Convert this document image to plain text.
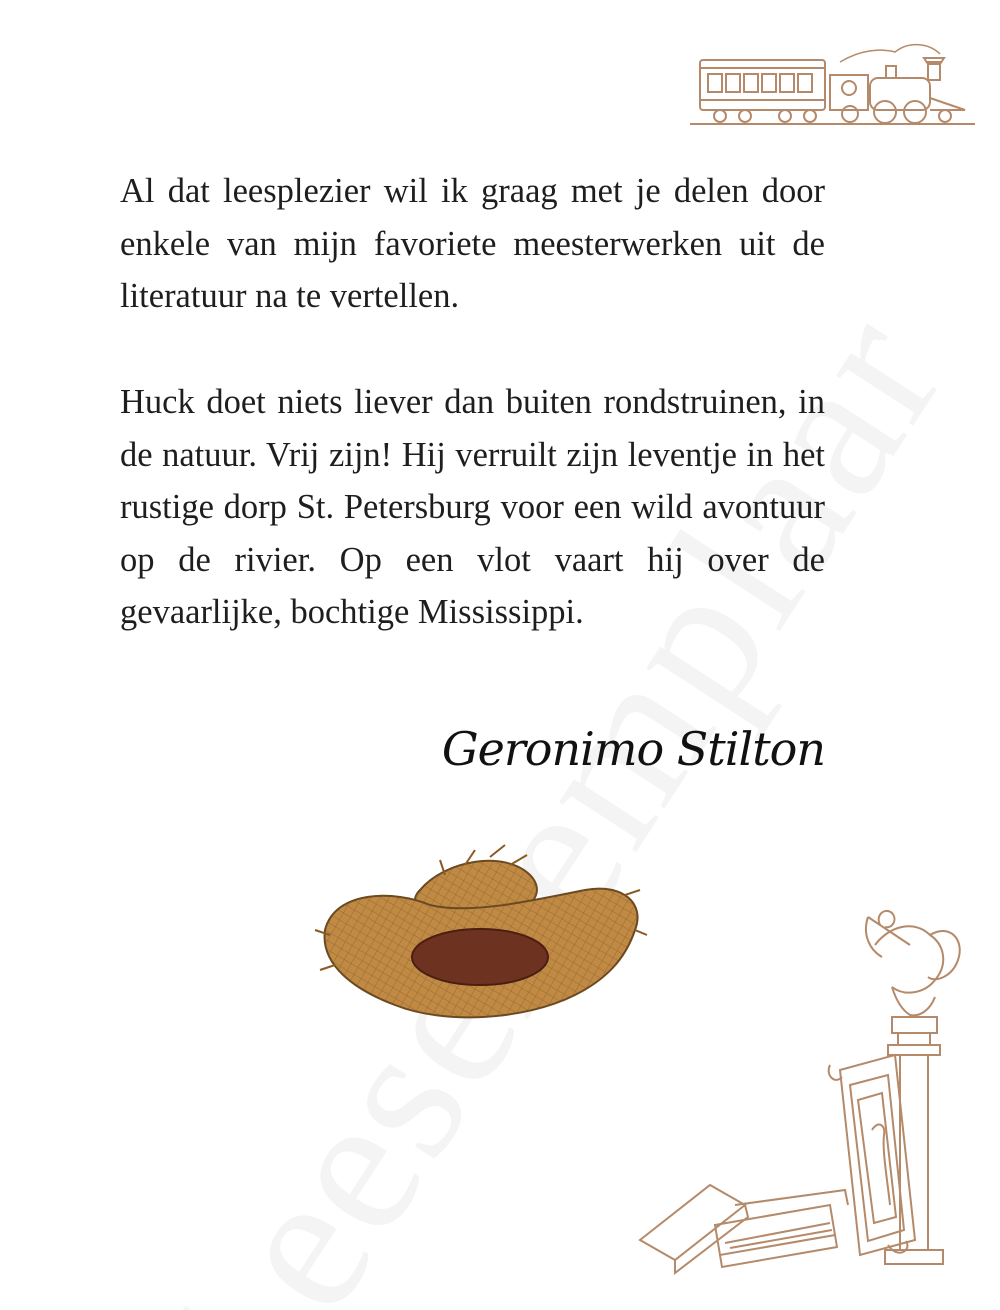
Al dat leesplezier wil ik graag met je delen door enkele van mijn favoriete meesterwerken uit de literatuur na te vertellen.

Huck doet niets liever dan buiten rondstruinen, in de natuur. Vrij zijn! Hij verruilt zijn leventje in het rustige dorp St. Petersburg voor een wild avontuur op de rivier. Op een vlot vaart hij over de gevaarlijke, bochtige Mississippi.

Geronimo Stilton
